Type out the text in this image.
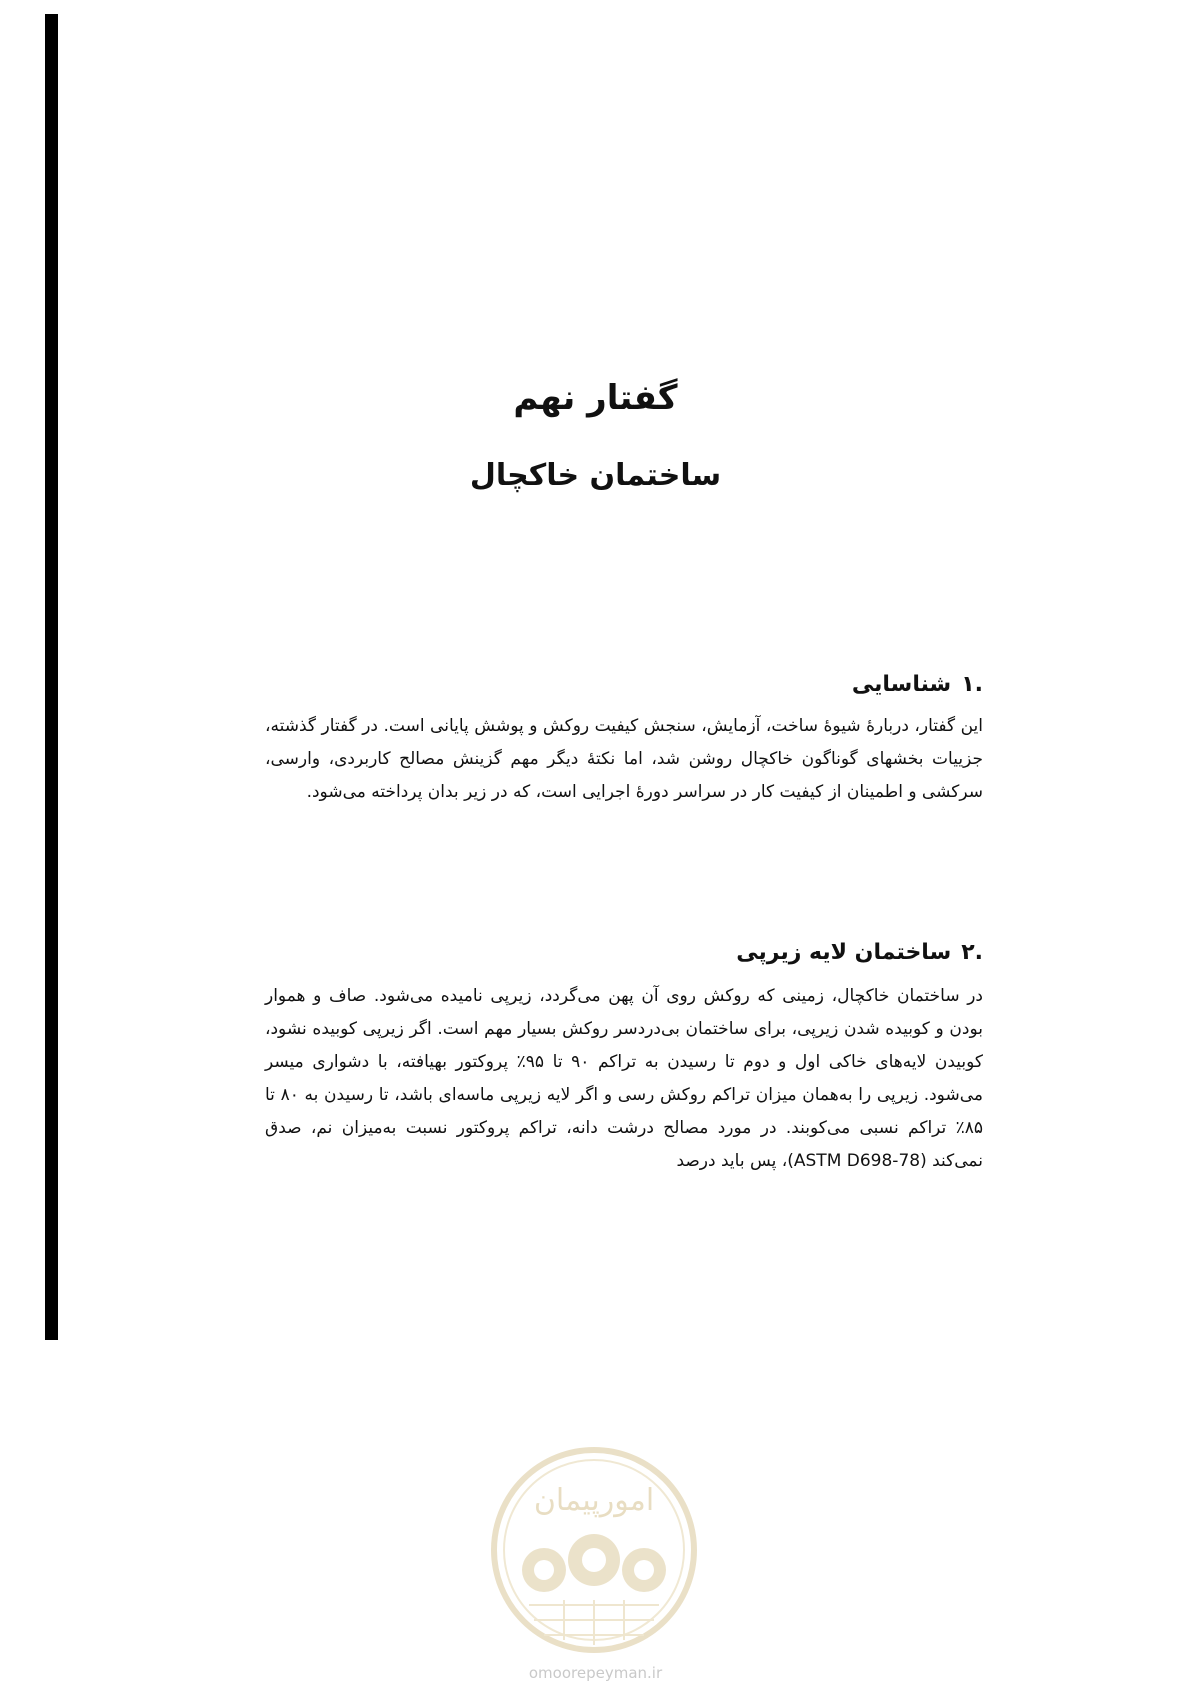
گفتار نهم
ساختمان خاکچال
.۱شناسایی

این گفتار، دربارهٔ شیوهٔ ساخت، آزمایش، سنجش کیفیت روکش و پوشش پایانی است. در گفتار گذشته، جزییات بخشهای گوناگون خاکچال روشن شد، اما نکتهٔ دیگر مهم گزینش مصالح کاربردی، وارسی، سرکشی و اطمینان از کیفیت کار در سراسر دورهٔ اجرایی است، که در زیر بدان پرداخته می‌شود.

.۲ساختمان لایه زیرپی

در ساختمان خاکچال، زمینی که روکش روی آن پهن می‌گردد، زیرپی نامیده می‌شود. صاف و هموار بودن و کوبیده شدن زیرپی، برای ساختمان بی‌دردسر روکش بسیار مهم است. اگر زیرپی کوبیده نشود، کوبیدن لایه‌های خاکی اول و دوم تا رسیدن به تراکم ۹۰ تا ۹۵٪ پروکتور بهیافته، با دشواری میسر می‌شود. زیرپی را به‌همان میزان تراکم روکش رسی و اگر لایه زیرپی ماسه‌ای باشد، تا رسیدن به ۸۰ تا ۸۵٪ تراکم نسبی می‌کوبند. در مورد مصالح درشت دانه، تراکم پروکتور نسبت به‌میزان نم، صدق نمی‌کند (ASTM D698-78)، پس باید درصد

امورپیمان
omoorepeyman.ir
